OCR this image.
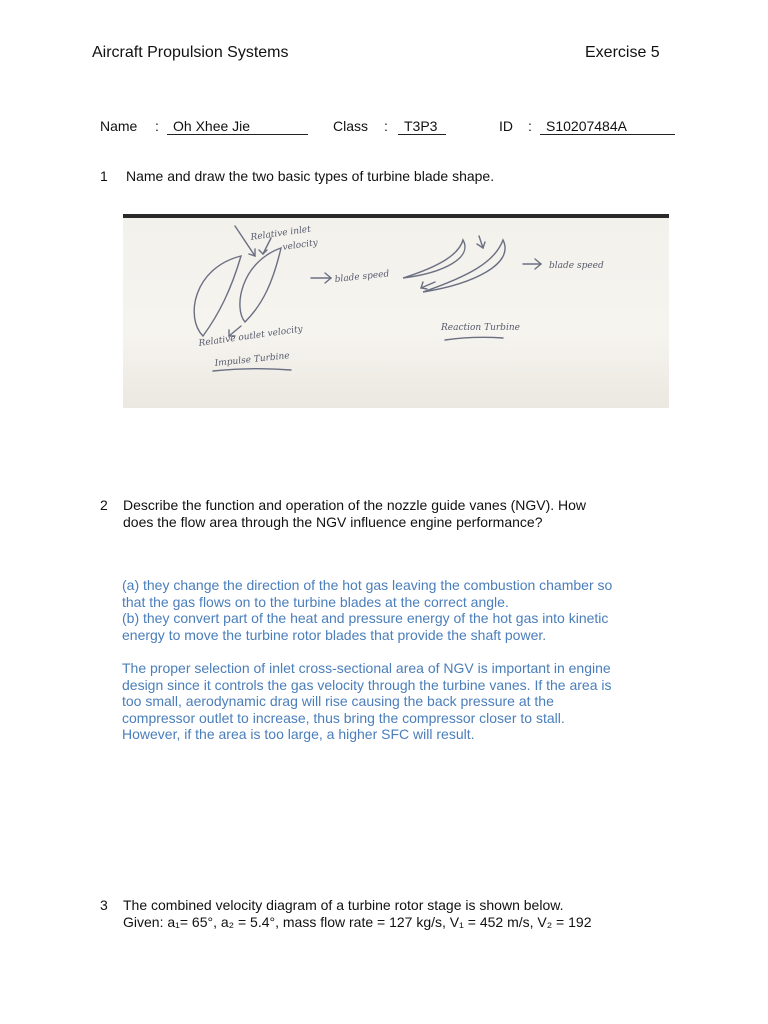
Aircraft Propulsion Systems	Exercise 5
Name :	Oh Xhee Jie	Class :	T3P3	ID :	S10207484A
1 Name and draw the two basic types of turbine blade shape.
Relative inlet
velocity
blade speed
Relative outlet velocity
Impulse Turbine
blade speed
Reaction Turbine
2 Describe the function and operation of the nozzle guide vanes (NGV). How
does the flow area through the NGV influence engine performance?
(a) they change the direction of the hot gas leaving the combustion chamber so
that the gas flows on to the turbine blades at the correct angle.
(b) they convert part of the heat and pressure energy of the hot gas into kinetic
energy to move the turbine rotor blades that provide the shaft power.
The proper selection of inlet cross-sectional area of NGV is important in engine
design since it controls the gas velocity through the turbine vanes. If the area is
too small, aerodynamic drag will rise causing the back pressure at the
compressor outlet to increase, thus bring the compressor closer to stall.
However, if the area is too large, a higher SFC will result.
3 The combined velocity diagram of a turbine rotor stage is shown below.
Given: a₁= 65°, a₂ = 5.4°, mass flow rate = 127 kg/s, V₁ = 452 m/s, V₂ = 192
